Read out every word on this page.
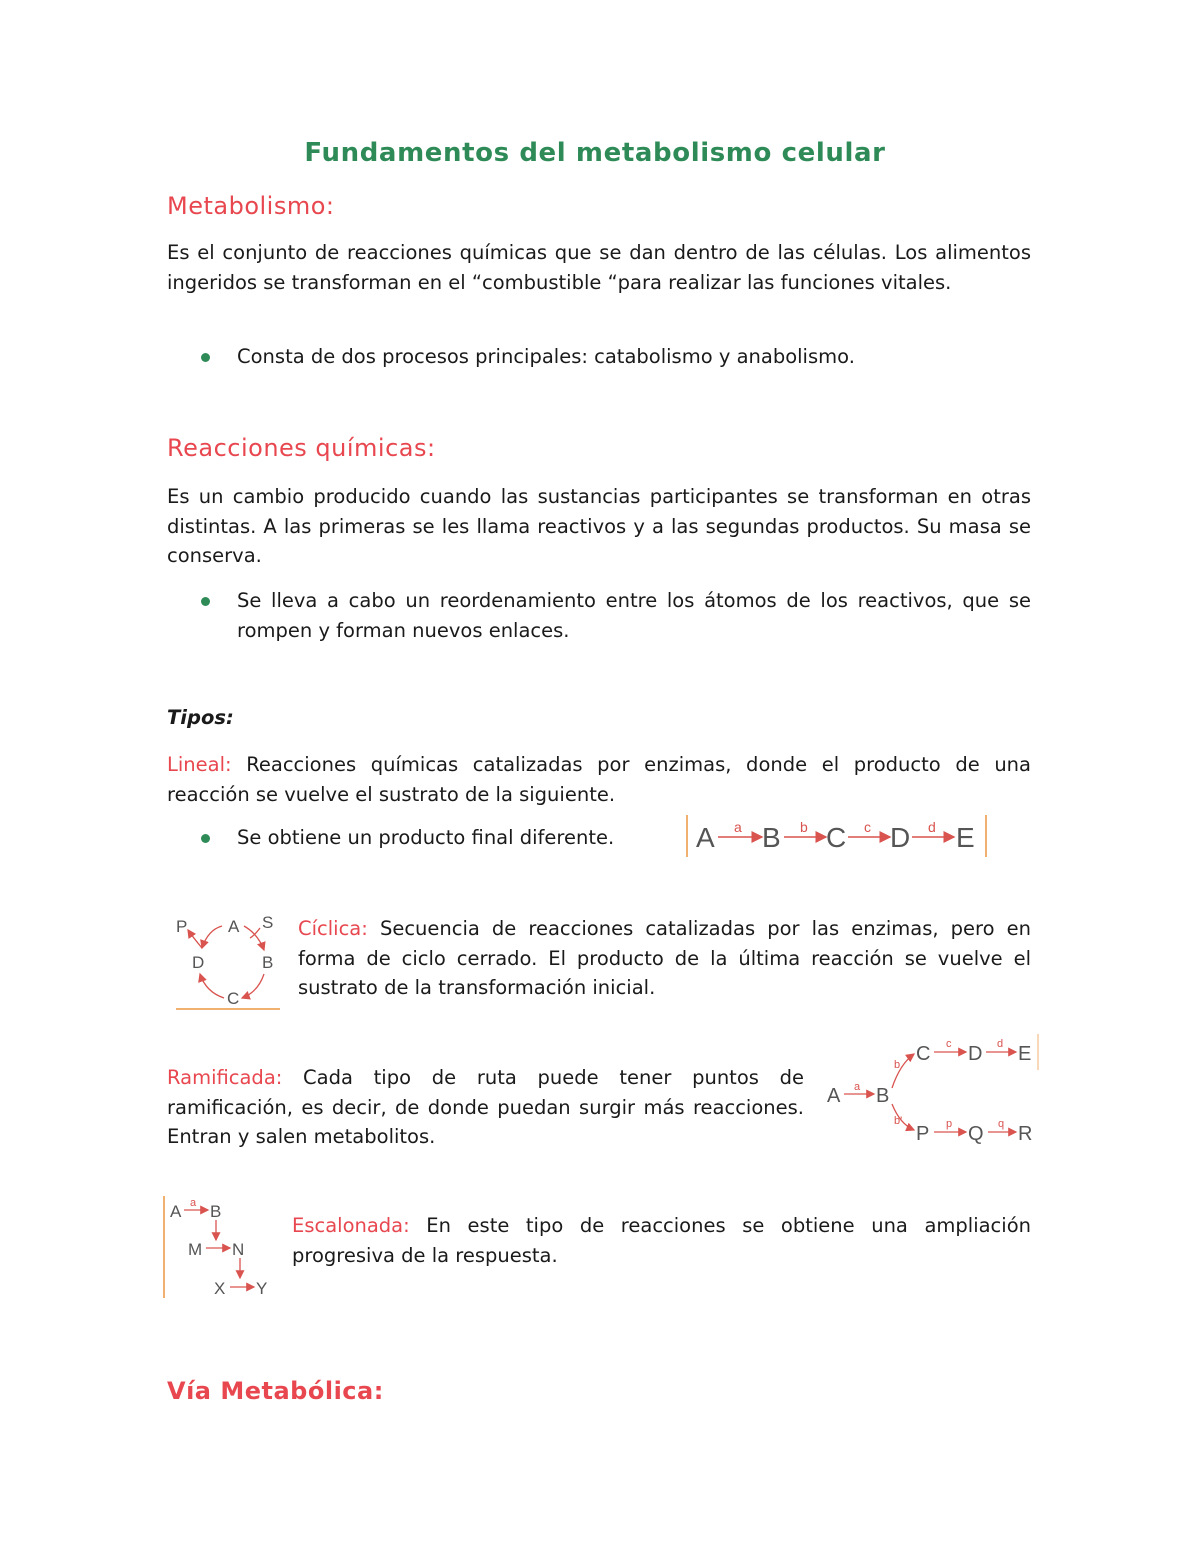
Fundamentos del metabolismo celular
Metabolismo:
Es el conjunto de reacciones químicas que se dan dentro de las células. Los alimentos ingeridos se transforman en el “combustible “para realizar las funciones vitales.
Consta de dos procesos principales: catabolismo y anabolismo.
Reacciones químicas:
Es un cambio producido cuando las sustancias participantes se transforman en otras distintas. A las primeras se les llama reactivos y a las segundas productos. Su masa se conserva.
Se lleva a cabo un reordenamiento entre los átomos de los reactivos, que se rompen y forman nuevos enlaces.
Tipos:
Lineal: Reacciones químicas catalizadas por enzimas, donde el producto de una reacción se vuelve el sustrato de la siguiente.
Se obtiene un producto final diferente.	A a B b C c D d E
P A S
D	B
C
Cíclica: Secuencia de reacciones catalizadas por las enzimas, pero en forma de ciclo cerrado. El producto de la última reacción se vuelve el sustrato de la transformación inicial.
Ramificada: Cada tipo de ruta puede tener puntos de ramificación, es decir, de donde puedan surgir más reacciones. Entran y salen metabolitos.
A a B
b
b'
C c D d E
P p Q q R
A a B
M N
X Y
Escalonada: En este tipo de reacciones se obtiene una ampliación progresiva de la respuesta.
Vía Metabólica:
